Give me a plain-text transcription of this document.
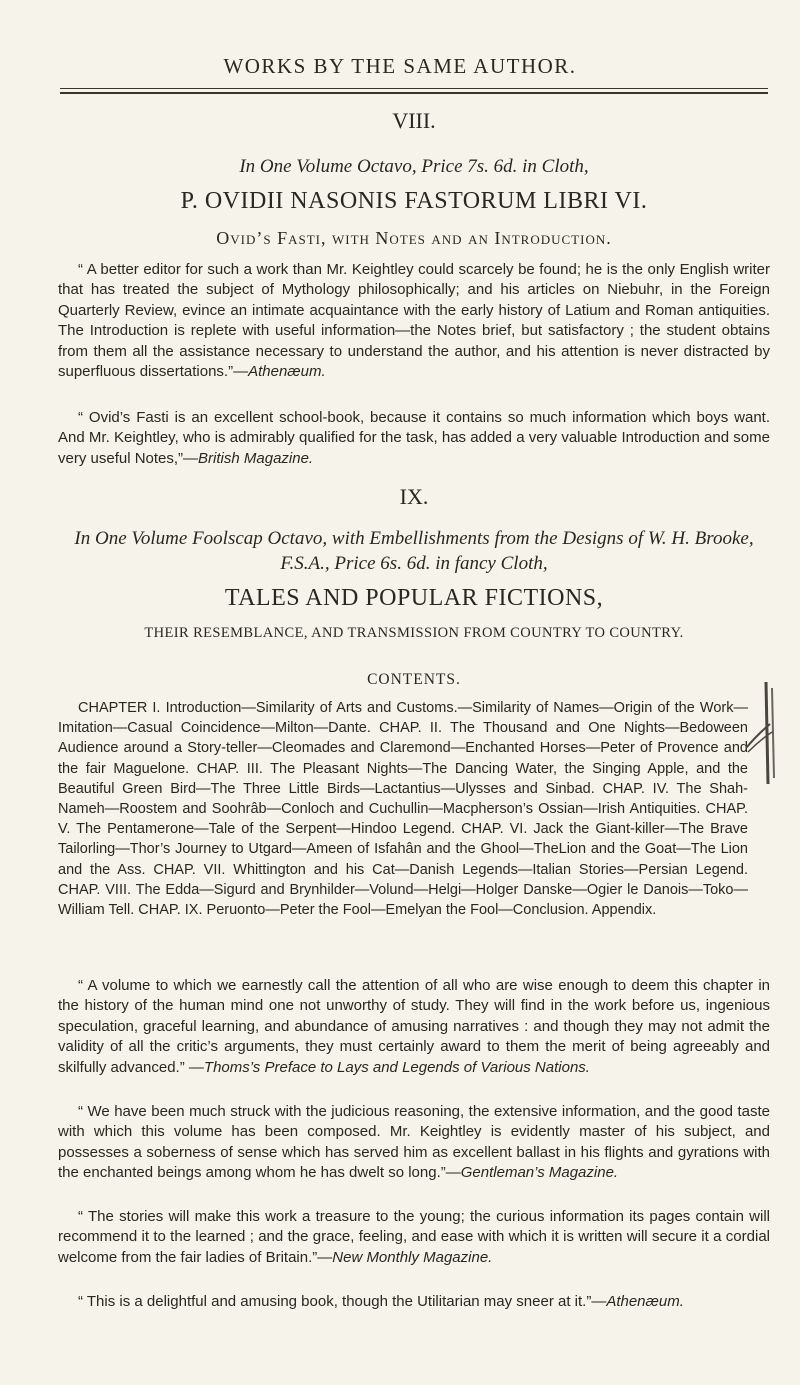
WORKS BY THE SAME AUTHOR.
VIII.
In One Volume Octavo, Price 7s. 6d. in Cloth,
P. OVIDII NASONIS FASTORUM LIBRI VI.
Ovid’s Fasti, with Notes and an Introduction.

“ A better editor for such a work than Mr. Keightley could scarcely be found; he is the only English writer that has treated the subject of Mythology philosophically; and his articles on Niebuhr, in the Foreign Quarterly Review, evince an intimate acquaintance with the early history of Latium and Roman antiquities. The Introduction is replete with useful information—the Notes brief, but satisfactory ; the student obtains from them all the assistance necessary to understand the author, and his attention is never distracted by superfluous dissertations.”—Athenæum.

“ Ovid’s Fasti is an excellent school-book, because it contains so much information which boys want. And Mr. Keightley, who is admirably qualified for the task, has added a very valuable Introduction and some very useful Notes,”—British Magazine.

IX.
In One Volume Foolscap Octavo, with Embellishments from the Designs of W. H. Brooke, F.S.A., Price 6s. 6d. in fancy Cloth,
TALES AND POPULAR FICTIONS,
THEIR RESEMBLANCE, AND TRANSMISSION FROM COUNTRY TO COUNTRY.
CONTENTS.

CHAPTER I. Introduction—Similarity of Arts and Customs.—Similarity of Names—Origin of the Work—Imitation—Casual Coincidence—Milton—Dante. CHAP. II. The Thousand and One Nights—Bedoween Audience around a Story-teller—Cleomades and Claremond—Enchanted Horses—Peter of Provence and the fair Maguelone. CHAP. III. The Pleasant Nights—The Dancing Water, the Singing Apple, and the Beautiful Green Bird—The Three Little Birds—Lactantius—Ulysses and Sinbad. CHAP. IV. The Shah-Nameh—Roostem and Soohrâb—Conloch and Cuchullin—Macpherson’s Ossian—Irish Antiquities. CHAP. V. The Pentamerone—Tale of the Serpent—Hindoo Legend. CHAP. VI. Jack the Giant-killer—The Brave Tailorling—Thor’s Journey to Utgard—Ameen of Isfahân and the Ghool—TheLion and the Goat—The Lion and the Ass. CHAP. VII. Whittington and his Cat—Danish Legends—Italian Stories—Persian Legend. CHAP. VIII. The Edda—Sigurd and Brynhilder—Volund—Helgi—Holger Danske—Ogier le Danois—Toko—William Tell. CHAP. IX. Peruonto—Peter the Fool—Emelyan the Fool—Conclusion. Appendix.

“ A volume to which we earnestly call the attention of all who are wise enough to deem this chapter in the history of the human mind one not unworthy of study. They will find in the work before us, ingenious speculation, graceful learning, and abundance of amusing narratives : and though they may not admit the validity of all the critic’s arguments, they must certainly award to them the merit of being agreeably and skilfully advanced.” —Thoms’s Preface to Lays and Legends of Various Nations.

“ We have been much struck with the judicious reasoning, the extensive information, and the good taste with which this volume has been composed. Mr. Keightley is evidently master of his subject, and possesses a soberness of sense which has served him as excellent ballast in his flights and gyrations with the enchanted beings among whom he has dwelt so long.”—Gentleman’s Magazine.

“ The stories will make this work a treasure to the young; the curious information its pages contain will recommend it to the learned ; and the grace, feeling, and ease with which it is written will secure it a cordial welcome from the fair ladies of Britain.”—New Monthly Magazine.

“ This is a delightful and amusing book, though the Utilitarian may sneer at it.”—Athenæum.
